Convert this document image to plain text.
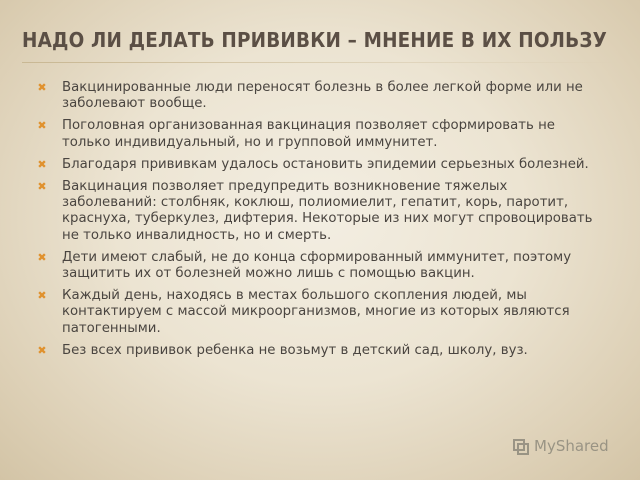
НАДО ЛИ ДЕЛАТЬ ПРИВИВКИ – МНЕНИЕ В ИХ ПОЛЬЗУ
✖ Вакцинированные люди переносят болезнь в более легкой форме или не заболевают вообще.
✖ Поголовная организованная вакцинация позволяет сформировать не только индивидуальный, но и групповой иммунитет.
✖ Благодаря прививкам удалось остановить эпидемии серьезных болезней.
✖ Вакцинация позволяет предупредить возникновение тяжелых заболеваний: столбняк, коклюш, полиомиелит, гепатит, корь, паротит, краснуха, туберкулез, дифтерия. Некоторые из них могут спровоцировать не только инвалидность, но и смерть.
✖ Дети имеют слабый, не до конца сформированный иммунитет, поэтому защитить их от болезней можно лишь с помощью вакцин.
✖ Каждый день, находясь в местах большого скопления людей, мы контактируем с массой микроорганизмов, многие из которых являются патогенными.
✖ Без всех прививок ребенка не возьмут в детский сад, школу, вуз.
MyShared
